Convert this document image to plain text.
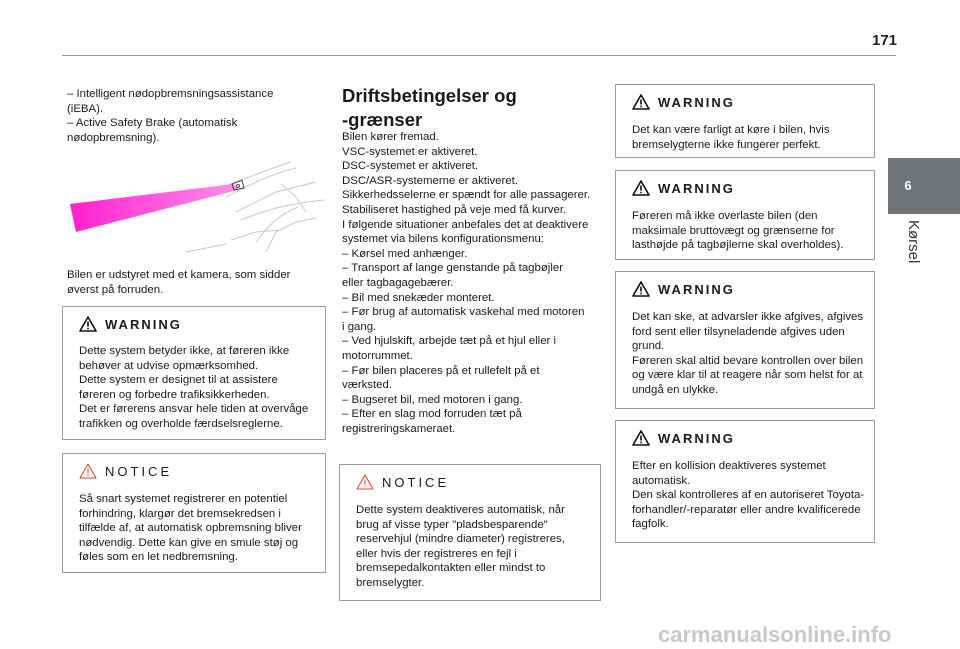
171
6
Kørsel

– Intelligent nødopbremsningsassistance

(iEBA).

– Active Safety Brake (automatisk

nødopbremsning).

Bilen er udstyret med et kamera, som sidder

øverst på forruden.

WARNING

Dette system betyder ikke, at føreren ikke

behøver at udvise opmærksomhed.

Dette system er designet til at assistere

føreren og forbedre trafiksikkerheden.

Det er førerens ansvar hele tiden at overvåge

trafikken og overholde færdselsreglerne.

NOTICE

Så snart systemet registrerer en potentiel

forhindring, klargør det bremsekredsen i

tilfælde af, at automatisk opbremsning bliver

nødvendig. Dette kan give en smule støj og

føles som en let nedbremsning.

Driftsbetingelser og

-grænser

Bilen kører fremad.

VSC-systemet er aktiveret.

DSC-systemet er aktiveret.

DSC/ASR-systemerne er aktiveret.

Sikkerhedsselerne er spændt for alle passagerer.

Stabiliseret hastighed på veje med få kurver.

I følgende situationer anbefales det at deaktivere

systemet via bilens konfigurationsmenu:

– Kørsel med anhænger.

– Transport af lange genstande på tagbøjler

eller tagbagagebærer.

– Bil med snekæder monteret.

– Før brug af automatisk vaskehal med motoren

i gang.

– Ved hjulskift, arbejde tæt på et hjul eller i

motorrummet.

– Før bilen placeres på et rullefelt på et

værksted.

– Bugseret bil, med motoren i gang.

– Efter en slag mod forruden tæt på

registreringskameraet.

NOTICE

Dette system deaktiveres automatisk, når

brug af visse typer "pladsbesparende"

reservehjul (mindre diameter) registreres,

eller hvis der registreres en fejl i

bremsepedalkontakten eller mindst to

bremselygter.

WARNING

Det kan være farligt at køre i bilen, hvis

bremselygterne ikke fungerer perfekt.

WARNING

Føreren må ikke overlaste bilen (den

maksimale bruttovægt og grænserne for

lasthøjde på tagbøjlerne skal overholdes).

WARNING

Det kan ske, at advarsler ikke afgives, afgives

ford sent eller tilsyneladende afgives uden

grund.

Føreren skal altid bevare kontrollen over bilen

og være klar til at reagere når som helst for at

undgå en ulykke.

WARNING

Efter en kollision deaktiveres systemet

automatisk.

Den skal kontrolleres af en autoriseret Toyota-

forhandler/-reparatør eller andre kvalificerede

fagfolk.

carmanualsonline.info
